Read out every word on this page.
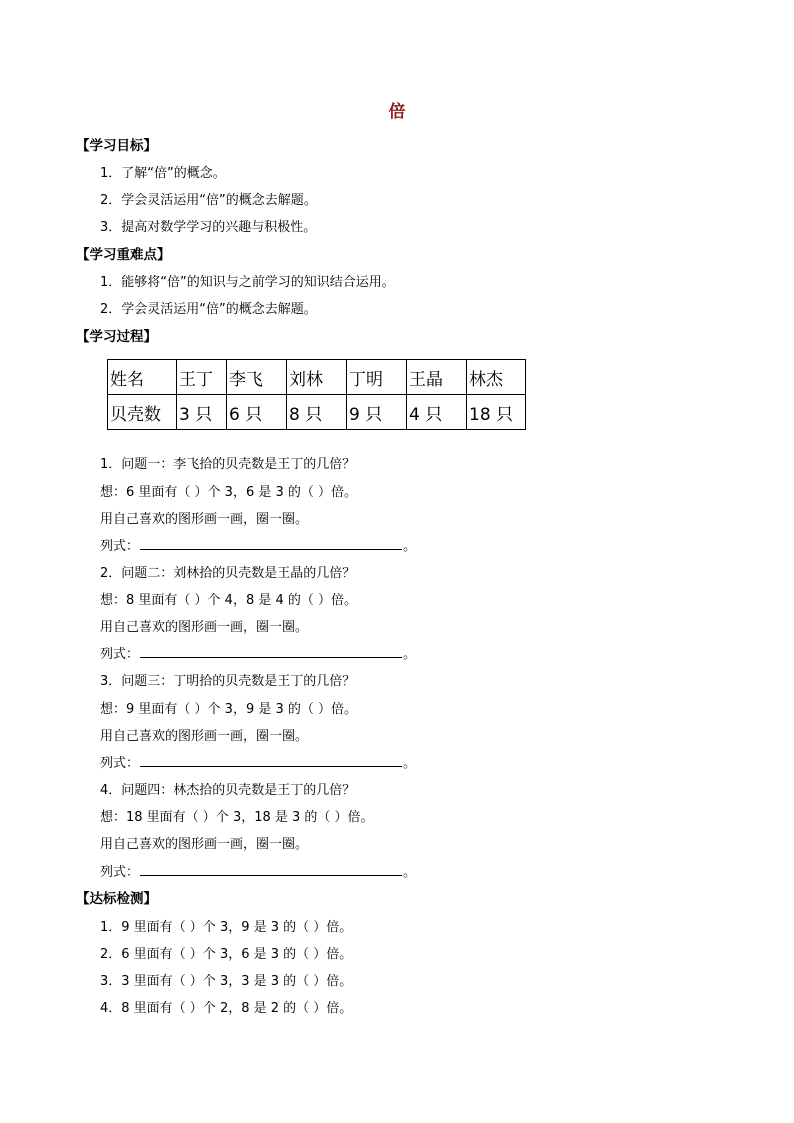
倍

【学习目标】

1．了解“倍”的概念。

2．学会灵活运用“倍”的概念去解题。

3．提高对数学学习的兴趣与积极性。

【学习重难点】

1．能够将“倍”的知识与之前学习的知识结合运用。

2．学会灵活运用“倍”的概念去解题。

【学习过程】

姓名	王丁	李飞	刘林	丁明	王晶	林杰
贝壳数	3 只	6 只	8 只	9 只	4 只	18 只

1．问题一：李飞拾的贝壳数是王丁的几倍？

想：6 里面有（ ）个 3，6 是 3 的（ ）倍。

用自己喜欢的图形画一画，圈一圈。

列式：	。

2．问题二：刘林拾的贝壳数是王晶的几倍？

想：8 里面有（ ）个 4，8 是 4 的（ ）倍。

用自己喜欢的图形画一画，圈一圈。

列式：	。

3．问题三：丁明拾的贝壳数是王丁的几倍？

想：9 里面有（ ）个 3，9 是 3 的（ ）倍。

用自己喜欢的图形画一画，圈一圈。

列式：	。

4．问题四：林杰拾的贝壳数是王丁的几倍？

想：18 里面有（ ）个 3，18 是 3 的（ ）倍。

用自己喜欢的图形画一画，圈一圈。

列式：	。

【达标检测】

1．9 里面有（ ）个 3，9 是 3 的（ ）倍。

2．6 里面有（ ）个 3，6 是 3 的（ ）倍。

3．3 里面有（ ）个 3，3 是 3 的（ ）倍。

4．8 里面有（ ）个 2，8 是 2 的（ ）倍。
